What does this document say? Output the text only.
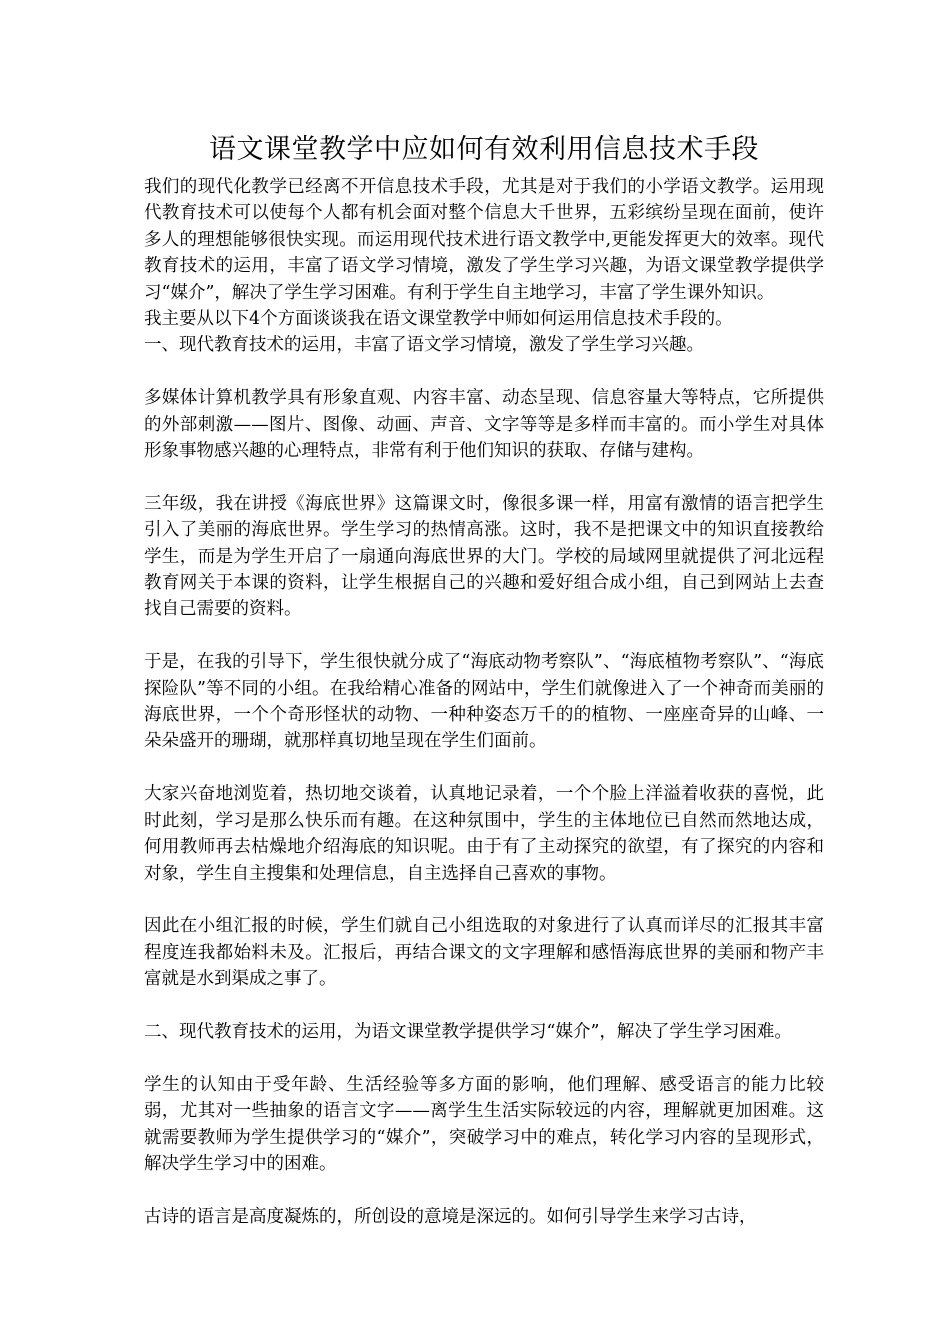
语文课堂教学中应如何有效利用信息技术手段

我们的现代化教学已经离不开信息技术手段，尤其是对于我们的小学语文教学。运用现代教育技术可以使每个人都有机会面对整个信息大千世界，五彩缤纷呈现在面前，使许多人的理想能够很快实现。而运用现代技术进行语文教学中,更能发挥更大的效率。现代教育技术的运用，丰富了语文学习情境，激发了学生学习兴趣，为语文课堂教学提供学习“媒介”，解决了学生学习困难。有利于学生自主地学习，丰富了学生课外知识。

我主要从以下4个方面谈谈我在语文课堂教学中师如何运用信息技术手段的。

一、现代教育技术的运用，丰富了语文学习情境，激发了学生学习兴趣。

多媒体计算机教学具有形象直观、内容丰富、动态呈现、信息容量大等特点，它所提供的外部刺激——图片、图像、动画、声音、文字等等是多样而丰富的。而小学生对具体形象事物感兴趣的心理特点，非常有利于他们知识的获取、存储与建构。

三年级，我在讲授《海底世界》这篇课文时，像很多课一样，用富有激情的语言把学生引入了美丽的海底世界。学生学习的热情高涨。这时，我不是把课文中的知识直接教给学生，而是为学生开启了一扇通向海底世界的大门。学校的局域网里就提供了河北远程教育网关于本课的资料，让学生根据自己的兴趣和爱好组合成小组，自己到网站上去查找自己需要的资料。

于是，在我的引导下，学生很快就分成了“海底动物考察队”、“海底植物考察队”、“海底探险队”等不同的小组。在我给精心准备的网站中，学生们就像进入了一个神奇而美丽的海底世界，一个个奇形怪状的动物、一种种姿态万千的的植物、一座座奇异的山峰、一朵朵盛开的珊瑚，就那样真切地呈现在学生们面前。

大家兴奋地浏览着，热切地交谈着，认真地记录着，一个个脸上洋溢着收获的喜悦，此时此刻，学习是那么快乐而有趣。在这种氛围中，学生的主体地位已自然而然地达成，何用教师再去枯燥地介绍海底的知识呢。由于有了主动探究的欲望，有了探究的内容和对象，学生自主搜集和处理信息，自主选择自己喜欢的事物。

因此在小组汇报的时候，学生们就自己小组选取的对象进行了认真而详尽的汇报其丰富程度连我都始料未及。汇报后，再结合课文的文字理解和感悟海底世界的美丽和物产丰富就是水到渠成之事了。

二、现代教育技术的运用，为语文课堂教学提供学习“媒介”，解决了学生学习困难。

学生的认知由于受年龄、生活经验等多方面的影响，他们理解、感受语言的能力比较弱，尤其对一些抽象的语言文字——离学生生活实际较远的内容，理解就更加困难。这就需要教师为学生提供学习的“媒介”，突破学习中的难点，转化学习内容的呈现形式，解决学生学习中的困难。

古诗的语言是高度凝炼的，所创设的意境是深远的。如何引导学生来学习古诗，
